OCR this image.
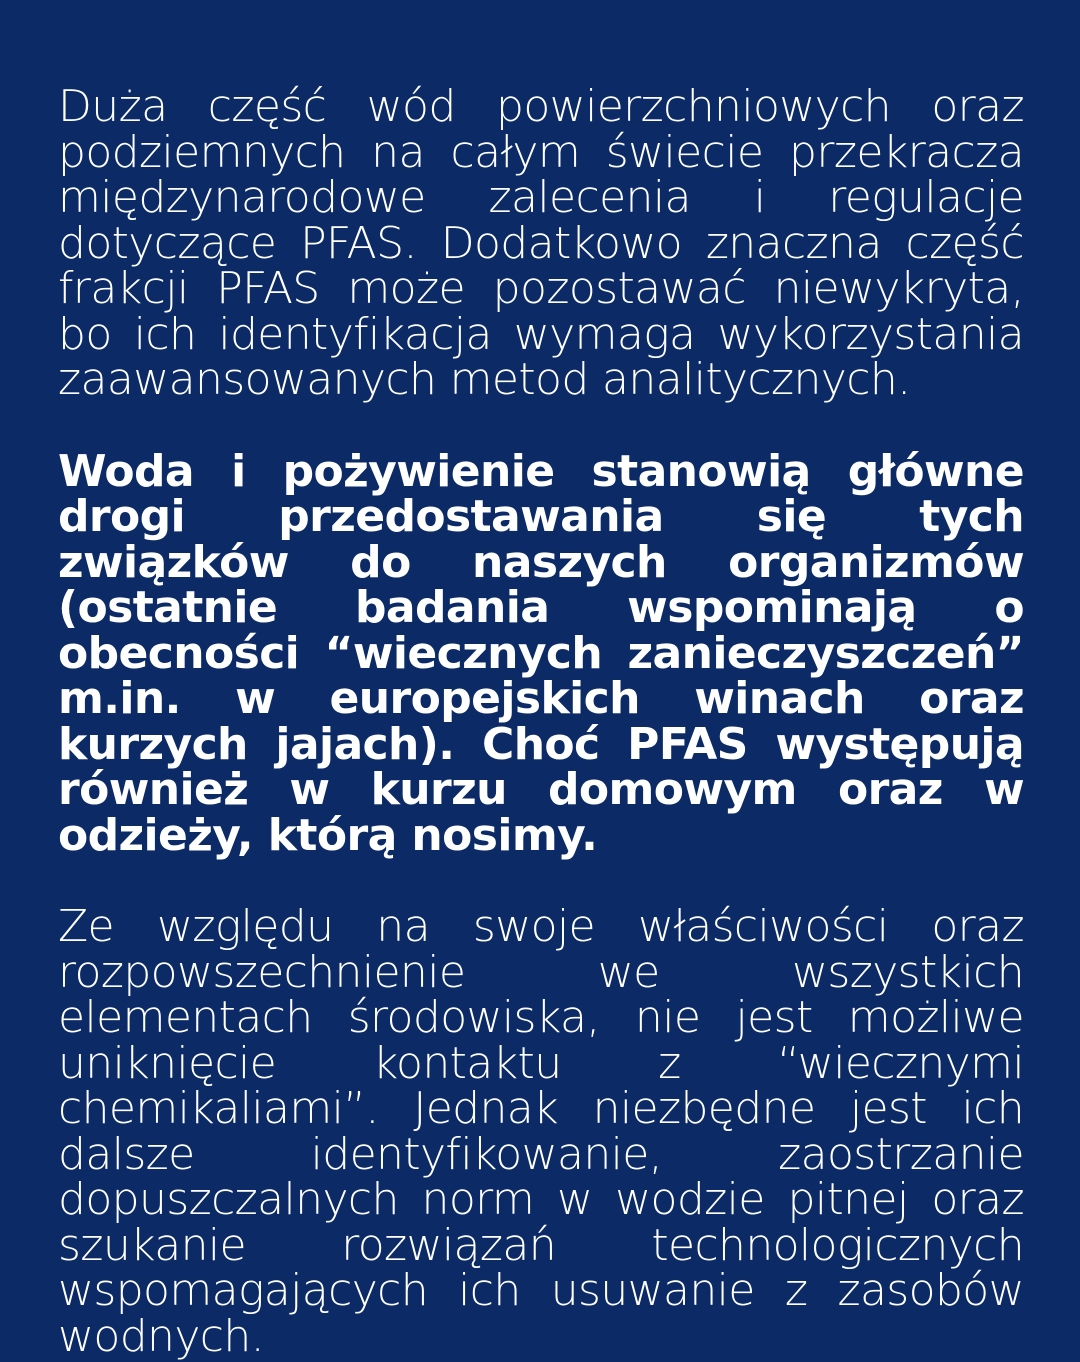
Duża część wód powierzchniowych oraz podziemnych na całym świecie przekracza międzynarodowe zalecenia i regulacje dotyczące PFAS. Dodatkowo znaczna część frakcji PFAS może pozostawać niewykryta, bo ich identyfikacja wymaga wykorzystania zaawansowanych metod analitycznych.

Woda i pożywienie stanowią główne drogi przedostawania się tych związków do naszych organizmów (ostatnie badania wspominają o obecności “wiecznych zanieczyszczeń” m.in. w europejskich winach oraz kurzych jajach). Choć PFAS występują również w kurzu domowym oraz w odzieży, którą nosimy.

Ze względu na swoje właściwości oraz rozpowszechnienie we wszystkich elementach środowiska, nie jest możliwe uniknięcie kontaktu z “wiecznymi chemikaliami”. Jednak niezbędne jest ich dalsze identyfikowanie, zaostrzanie dopuszczalnych norm w wodzie pitnej oraz szukanie rozwiązań technologicznych wspomagających ich usuwanie z zasobów wodnych.
